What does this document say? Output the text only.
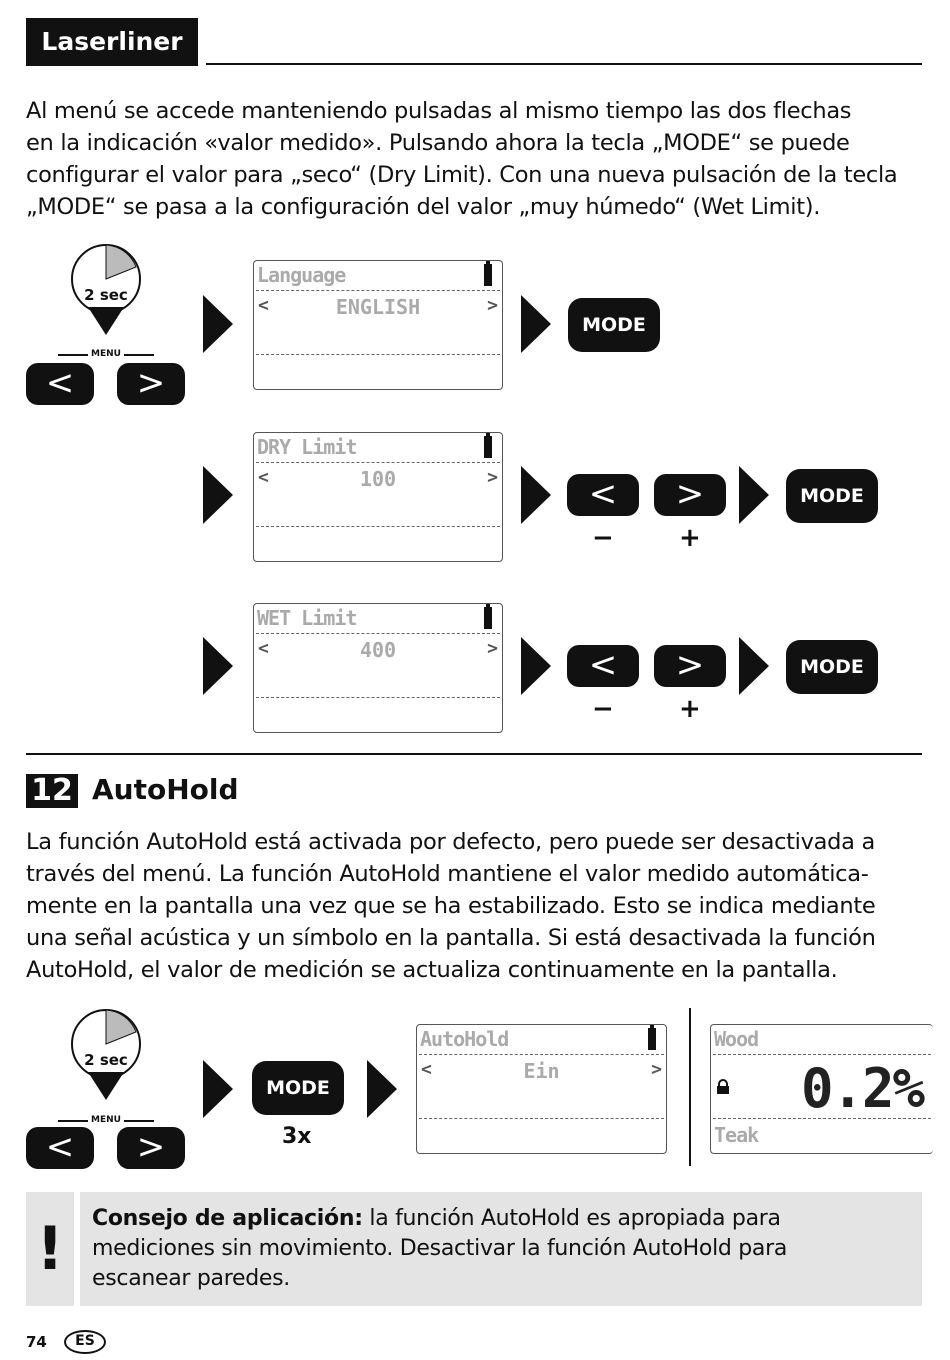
Laserliner
Al menú se accede manteniendo pulsadas al mismo tiempo las dos flechas
en la indicación «valor medido». Pulsando ahora la tecla „MODE“ se puede
configurar el valor para „seco“ (Dry Limit). Con una nueva pulsación de la tecla
„MODE“ se pasa a la configuración del valor „muy húmedo“ (Wet Limit).
2 sec
MENU
<	>
Language
<	ENGLISH	>
MODE
DRY Limit
<	100	>	<	>
−	+
MODE
WET Limit
<	400	>	<	>
−	+
MODE
12 AutoHold
La función AutoHold está activada por defecto, pero puede ser desactivada a
través del menú. La función AutoHold mantiene el valor medido automática-
mente en la pantalla una vez que se ha estabilizado. Esto se indica mediante
una señal acústica y un símbolo en la pantalla. Si está desactivada la función
AutoHold, el valor de medición se actualiza continuamente en la pantalla.
2 sec
MENU
<	>
MODE
3x
AutoHold
<	Ein	>
Wood
0.2%
Teak
!	Consejo de aplicación: la función AutoHold es apropiada para
mediciones sin movimiento. Desactivar la función AutoHold para
escanear paredes.
74	ES
